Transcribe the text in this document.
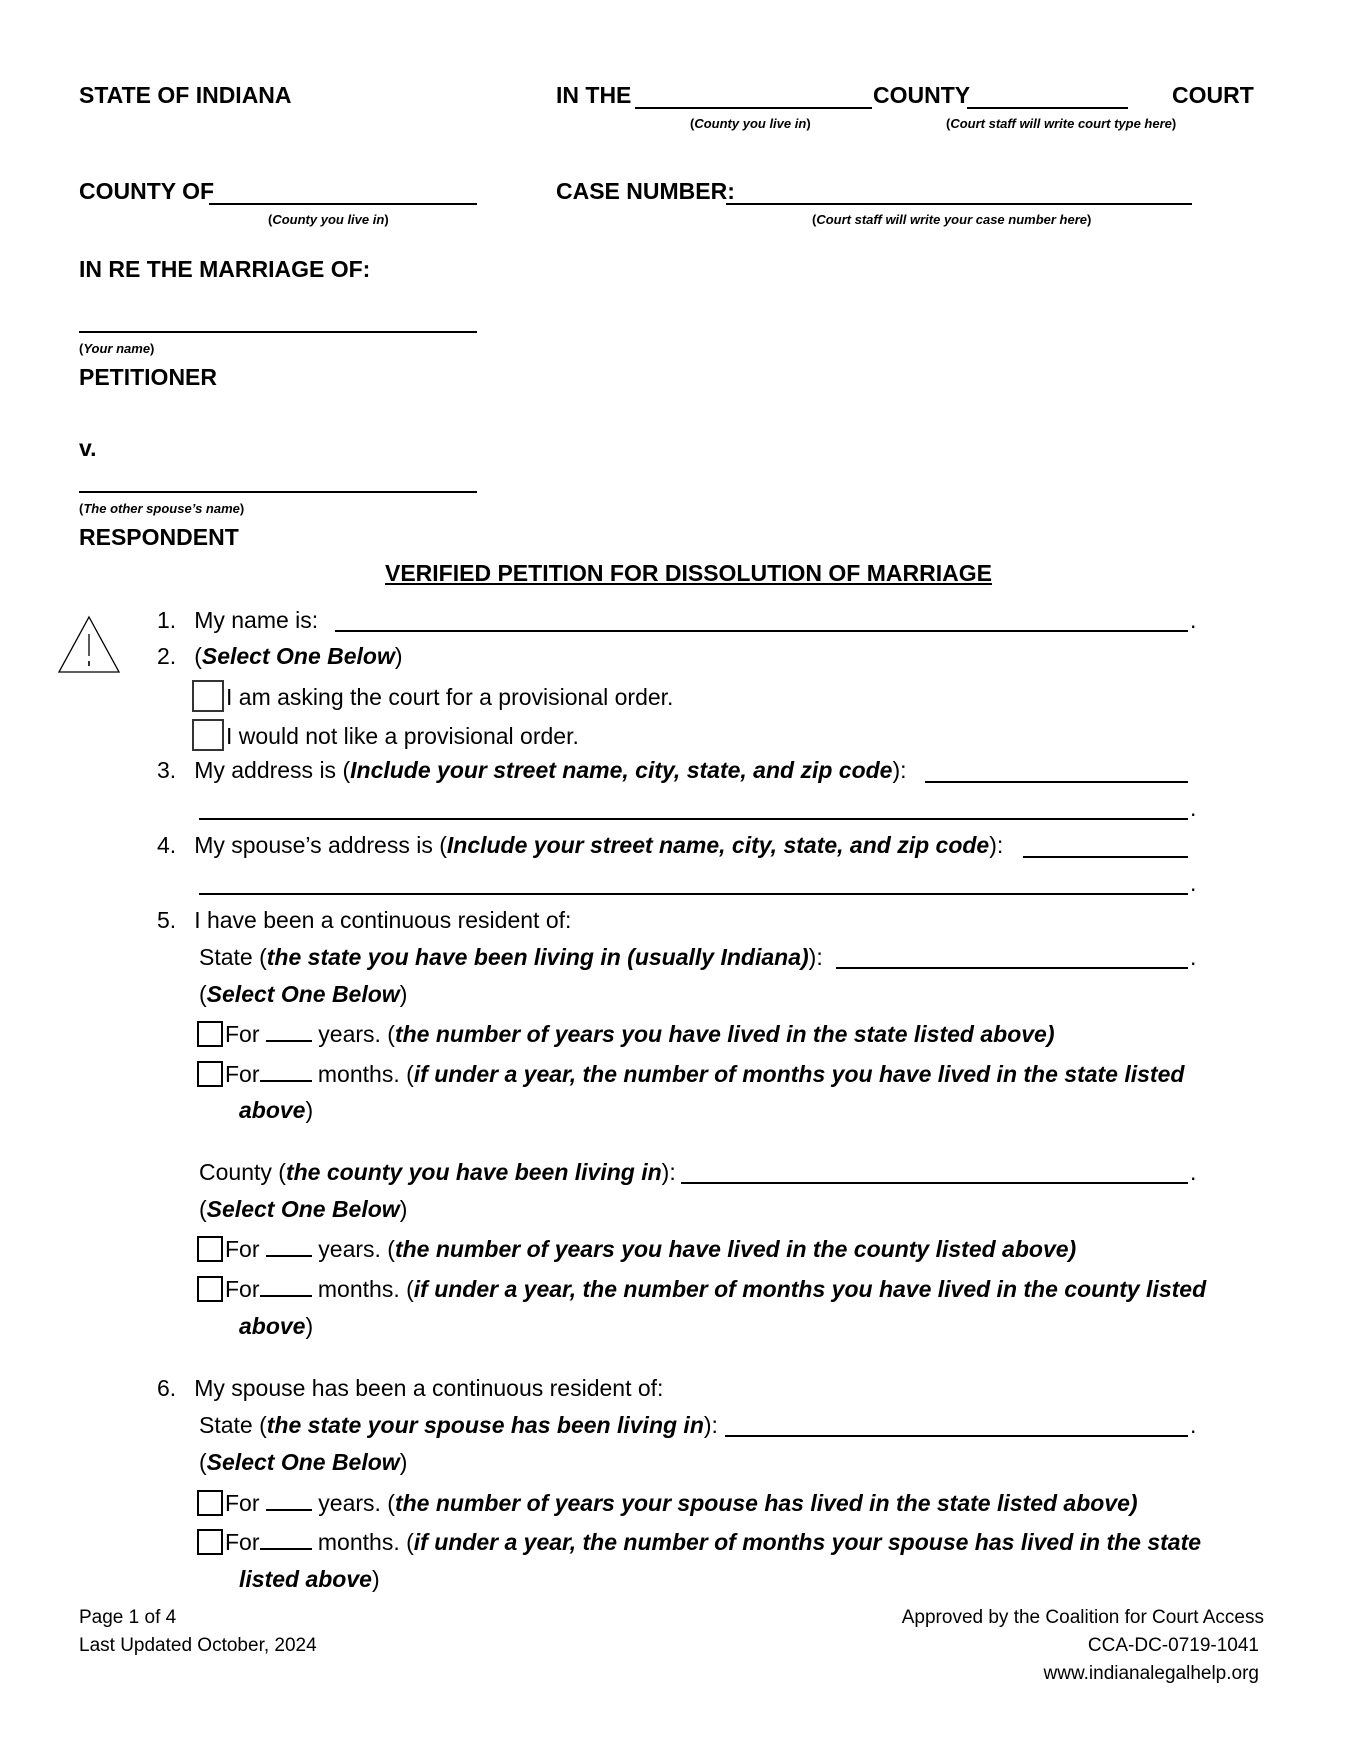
STATE OF INDIANA	IN THE	COUNTY	COURT
(County you live in)	(Court staff will write court type here)
COUNTY OF
(County you live in)
CASE NUMBER:
(Court staff will write your case number here)
IN RE THE MARRIAGE OF:
(Your name)
PETITIONER
v.
(The other spouse’s name)
RESPONDENT
VERIFIED PETITION FOR DISSOLUTION OF MARRIAGE
1. My name is:	.
2. (Select One Below)
I am asking the court for a provisional order.
I would not like a provisional order.
3. My address is (Include your street name, city, state, and zip code):
.
4. My spouse’s address is (Include your street name, city, state, and zip code):
.
5. I have been a continuous resident of:
State (the state you have been living in (usually Indiana)):	.
(Select One Below)
For  years. (the number of years you have lived in the state listed above)
For months. (if under a year, the number of months you have lived in the state listed
above)
County (the county you have been living in):	.
(Select One Below)
For  years. (the number of years you have lived in the county listed above)
For months. (if under a year, the number of months you have lived in the county listed
above)
6. My spouse has been a continuous resident of:
State (the state your spouse has been living in):	.
(Select One Below)
For  years. (the number of years your spouse has lived in the state listed above)
For months. (if under a year, the number of months your spouse has lived in the state
listed above)
Page 1 of 4
Last Updated October, 2024
Approved by the Coalition for Court Access
CCA-DC-0719-1041
www.indianalegalhelp.org
